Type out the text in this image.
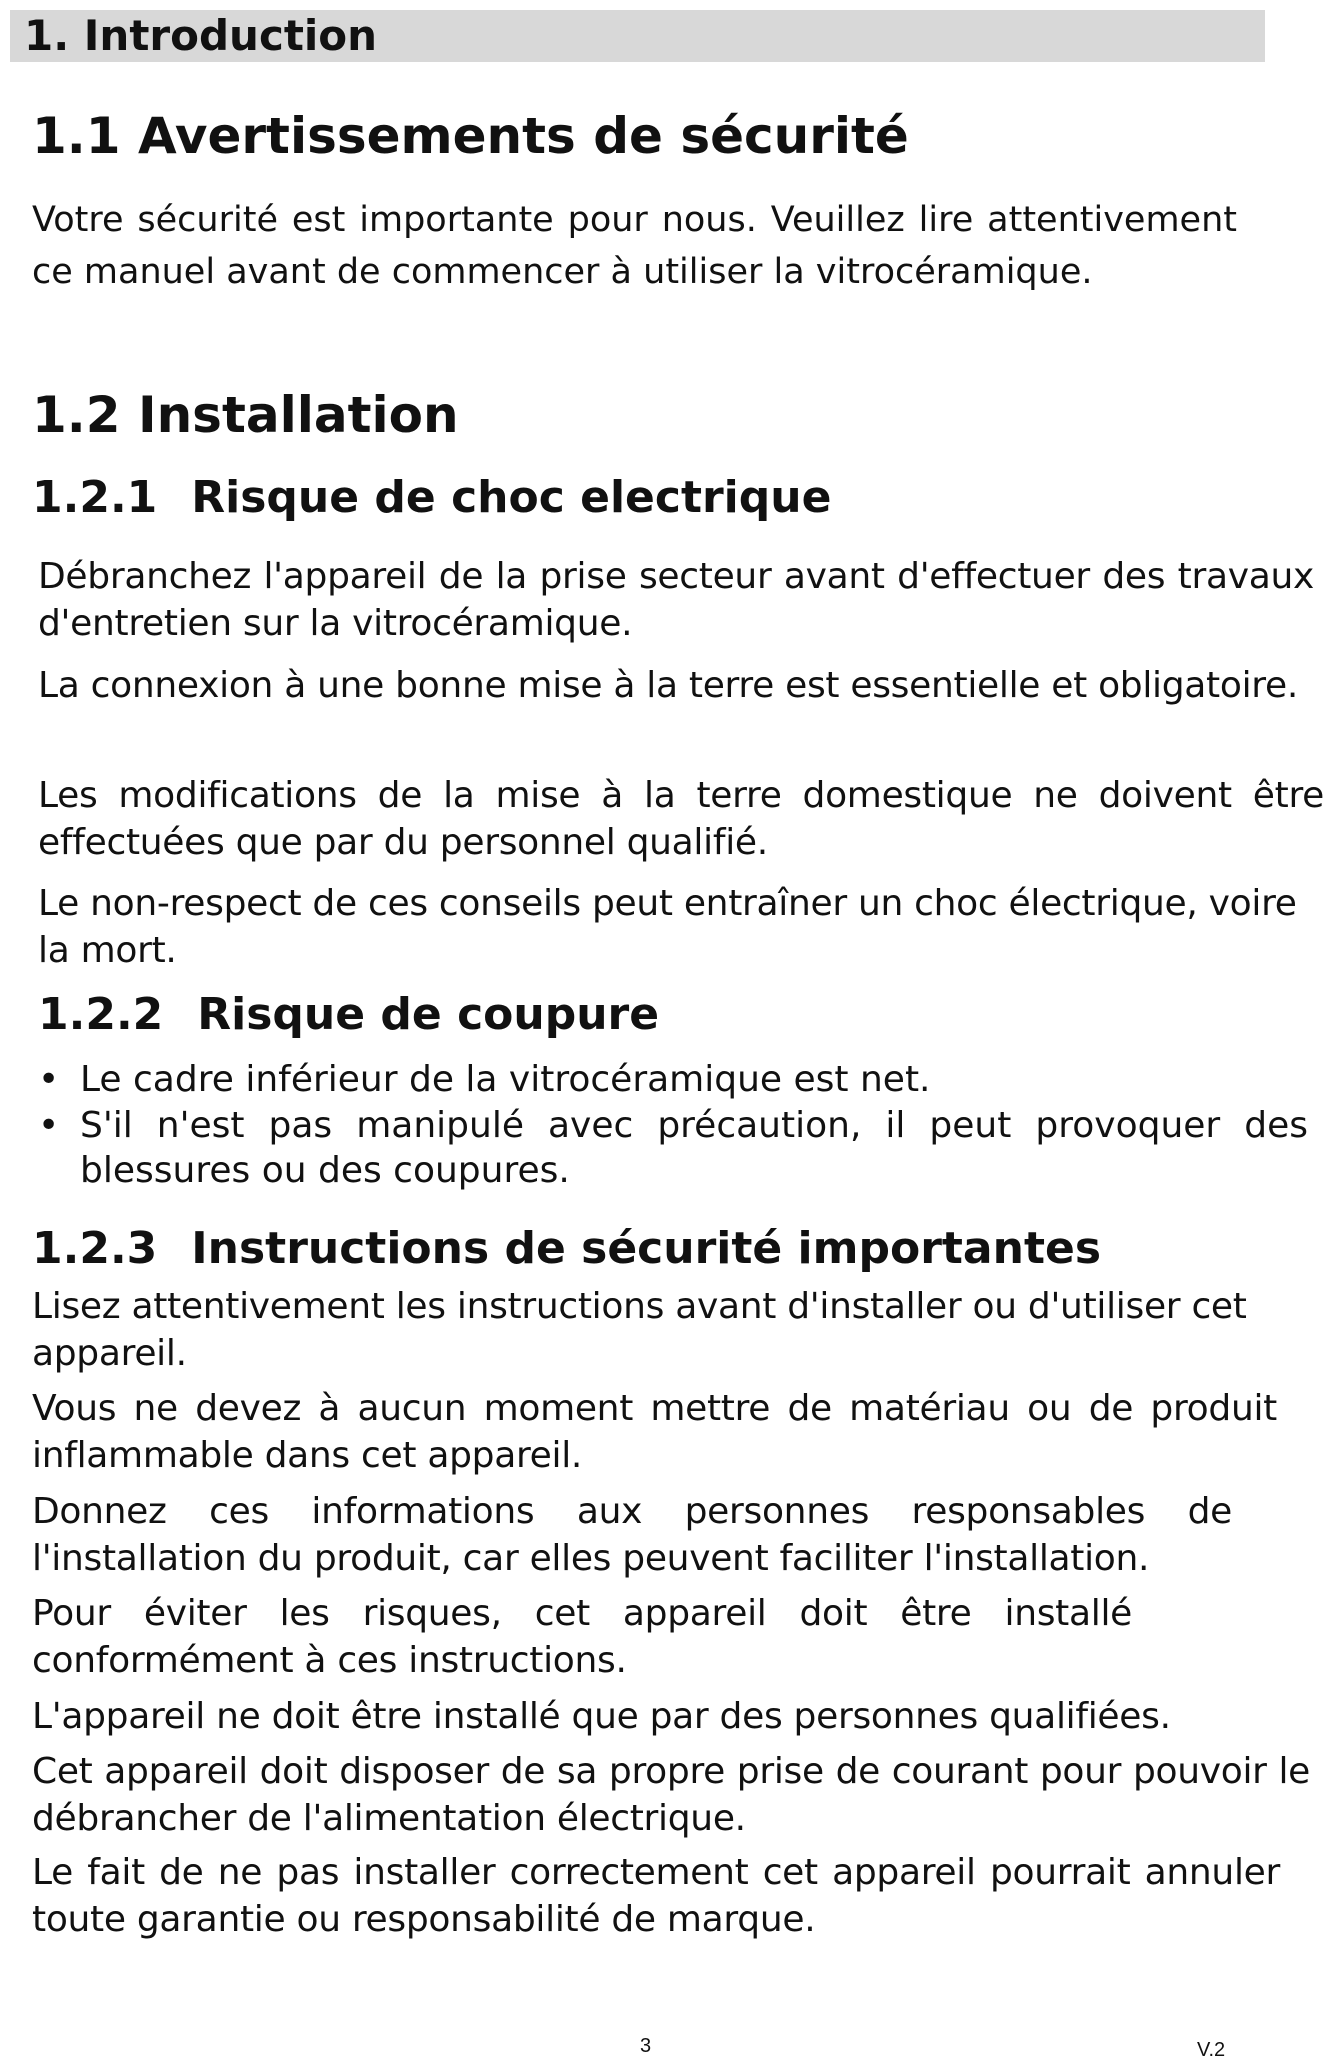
1. Introduction
1.1 Avertissements de sécurité
Votre sécurité est importante pour nous. Veuillez lire attentivement ce manuel avant de commencer à utiliser la vitrocéramique.
1.2 Installation
1.2.1 Risque de choc electrique
Débranchez l'appareil de la prise secteur avant d'effectuer des travaux d'entretien sur la vitrocéramique.
La connexion à une bonne mise à la terre est essentielle et obligatoire.
Les modifications de la mise à la terre domestique ne doivent être effectuées que par du personnel qualifié.
Le non-respect de ces conseils peut entraîner un choc électrique, voire la mort.
1.2.2 Risque de coupure
• Le cadre inférieur de la vitrocéramique est net.
• S'il n'est pas manipulé avec précaution, il peut provoquer des blessures ou des coupures.
1.2.3 Instructions de sécurité importantes
Lisez attentivement les instructions avant d'installer ou d'utiliser cet appareil.
Vous ne devez à aucun moment mettre de matériau ou de produit inflammable dans cet appareil.
Donnez ces informations aux personnes responsables de l'installation du produit, car elles peuvent faciliter l'installation.
Pour éviter les risques, cet appareil doit être installé conformément à ces instructions.
L'appareil ne doit être installé que par des personnes qualifiées.
Cet appareil doit disposer de sa propre prise de courant pour pouvoir le débrancher de l'alimentation électrique.
Le fait de ne pas installer correctement cet appareil pourrait annuler toute garantie ou responsabilité de marque.
3	V.2
